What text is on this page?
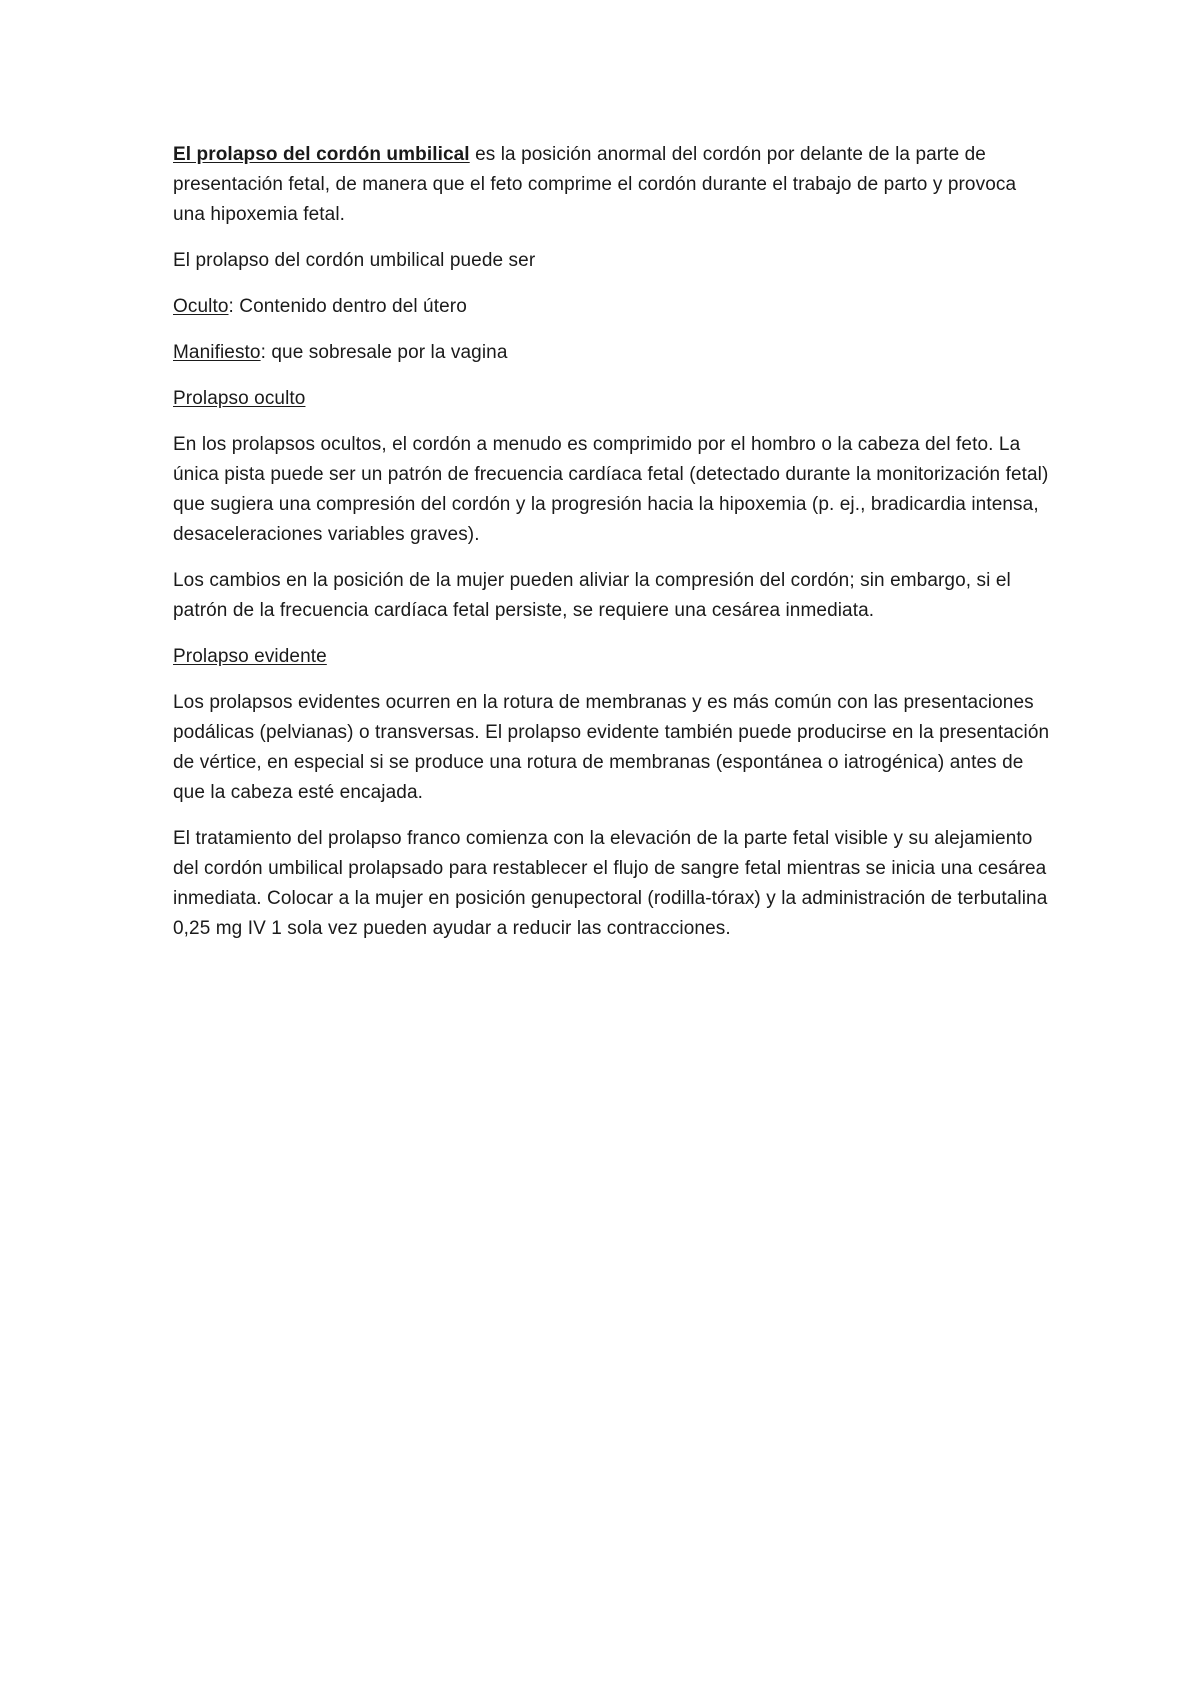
El prolapso del cordón umbilical es la posición anormal del cordón por delante de la parte de presentación fetal, de manera que el feto comprime el cordón durante el trabajo de parto y provoca una hipoxemia fetal.

El prolapso del cordón umbilical puede ser

Oculto: Contenido dentro del útero

Manifiesto: que sobresale por la vagina

Prolapso oculto

En los prolapsos ocultos, el cordón a menudo es comprimido por el hombro o la cabeza del feto. La única pista puede ser un patrón de frecuencia cardíaca fetal (detectado durante la monitorización fetal) que sugiera una compresión del cordón y la progresión hacia la hipoxemia (p. ej., bradicardia intensa, desaceleraciones variables graves).

Los cambios en la posición de la mujer pueden aliviar la compresión del cordón; sin embargo, si el patrón de la frecuencia cardíaca fetal persiste, se requiere una cesárea inmediata.

Prolapso evidente

Los prolapsos evidentes ocurren en la rotura de membranas y es más común con las presentaciones podálicas (pelvianas) o transversas. El prolapso evidente también puede producirse en la presentación de vértice, en especial si se produce una rotura de membranas (espontánea o iatrogénica) antes de que la cabeza esté encajada.

El tratamiento del prolapso franco comienza con la elevación de la parte fetal visible y su alejamiento del cordón umbilical prolapsado para restablecer el flujo de sangre fetal mientras se inicia una cesárea inmediata. Colocar a la mujer en posición genupectoral (rodilla-tórax) y la administración de terbutalina 0,25 mg IV 1 sola vez pueden ayudar a reducir las contracciones.
